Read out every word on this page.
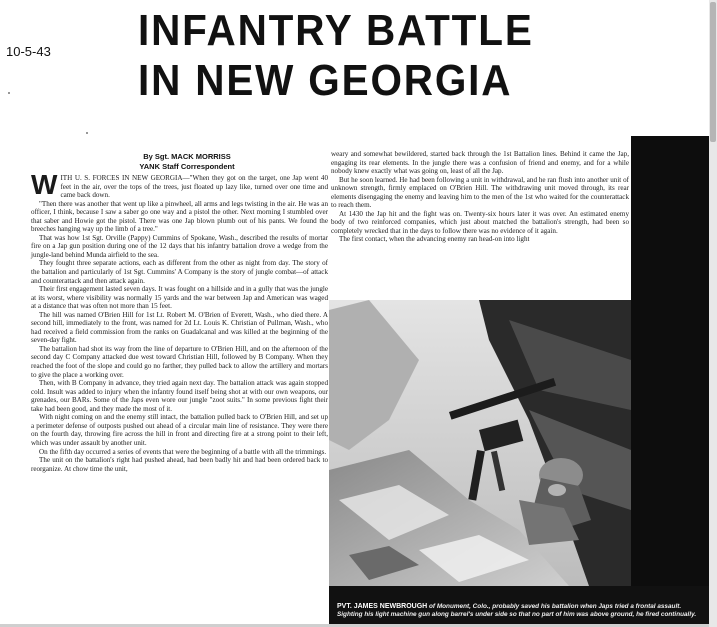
10-5-43 INFANTRY BATTLE
IN NEW GEORGIA
By Sgt. MACK MORRISS
YANK Staff Correspondent

WITH U. S. FORCES IN NEW GEORGIA—"When they got on the target, one Jap went 40 feet in the air, over the tops of the trees, just floated up lazy like, turned over one time and came back down.

"Then there was another that went up like a pinwheel, all arms and legs twisting in the air. He was an officer, I think, because I saw a saber go one way and a pistol the other. Next morning I stumbled over that saber and Howie got the pistol. There was one Jap blown plumb out of his pants. We found the breeches hanging way up the limb of a tree."

That was how 1st Sgt. Orville (Pappy) Cummins of Spokane, Wash., described the results of mortar fire on a Jap gun position during one of the 12 days that his infantry battalion drove a wedge from the jungle-land behind Munda airfield to the sea.

They fought three separate actions, each as different from the other as night from day. The story of the battalion and particularly of 1st Sgt. Cummins' A Company is the story of jungle combat—of attack and counterattack and then attack again.

Their first engagement lasted seven days. It was fought on a hillside and in a gully that was the jungle at its worst, where visibility was normally 15 yards and the war between Jap and American was waged at a distance that was often not more than 15 feet.

The hill was named O'Brien Hill for 1st Lt. Robert M. O'Brien of Everett, Wash., who died there. A second hill, immediately to the front, was named for 2d Lt. Louis K. Christian of Pullman, Wash., who had received a field commission from the ranks on Guadalcanal and was killed at the beginning of the seven-day fight.

The battalion had shot its way from the line of departure to O'Brien Hill, and on the afternoon of the second day C Company attacked due west toward Christian Hill, followed by B Company. When they reached the foot of the slope and could go no farther, they pulled back to allow the artillery and mortars to give the place a working over.

Then, with B Company in advance, they tried again next day. The battalion attack was again stopped cold. Insult was added to injury when the infantry found itself being shot at with our own weapons, our grenades, our BARs. Some of the Japs even wore our jungle "zoot suits." In some previous fight their take had been good, and they made the most of it.

With night coming on and the enemy still intact, the battalion pulled back to O'Brien Hill, and set up a perimeter defense of outposts pushed out ahead of a circular main line of resistance. They were there on the fourth day, throwing fire across the hill in front and directing fire at a strong point to their left, which was under assault by another unit.

On the fifth day occurred a series of events that were the beginning of a battle with all the trimmings.

The unit on the battalion's right had pushed ahead, had been badly hit and had been ordered back to reorganize. At chow time the unit,

weary and somewhat bewildered, started back through the 1st Battalion lines. Behind it came the Jap, engaging its rear elements. In the jungle there was a confusion of friend and enemy, and for a while nobody knew exactly what was going on, least of all the Jap.

But he soon learned. He had been following a unit in withdrawal, and he ran flush into another unit of unknown strength, firmly emplaced on O'Brien Hill. The withdrawing unit moved through, its rear elements disengaging the enemy and leaving him to the men of the 1st who waited for the counterattack to reach them.

At 1430 the Jap hit and the fight was on. Twenty-six hours later it was over. An estimated enemy body of two reinforced companies, which just about matched the battalion's strength, had been so completely wrecked that in the days to follow there was no evidence of it again.

The first contact, when the advancing enemy ran head-on into light

PVT. JAMES NEWBROUGH of Monument, Colo., probably saved his battalion when Japs tried a frontal assault. Sighting his light machine gun along barrel's under side so that no part of him was above ground, he fired continually.
